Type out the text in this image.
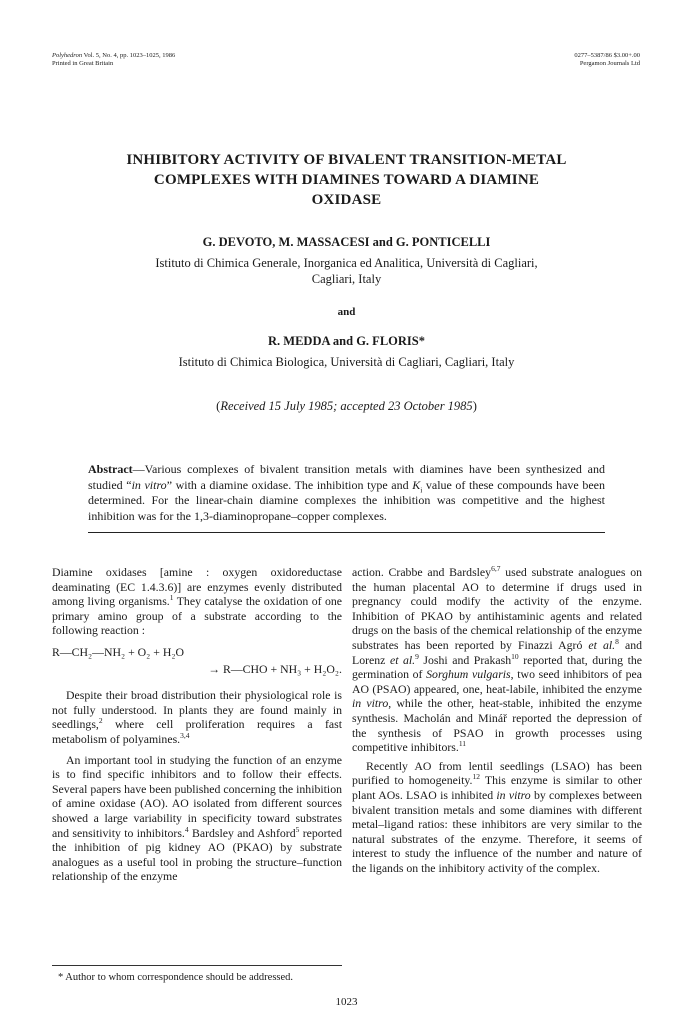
Polyhedron Vol. 5, No. 4, pp. 1023–1025, 1986
Printed in Great Britain
0277–5387/86 $3.00+.00
Pergamon Journals Ltd
INHIBITORY ACTIVITY OF BIVALENT TRANSITION-METAL
COMPLEXES WITH DIAMINES TOWARD A DIAMINE
OXIDASE
G. DEVOTO, M. MASSACESI and G. PONTICELLI
Istituto di Chimica Generale, Inorganica ed Analitica, Università di Cagliari,
Cagliari, Italy
and
R. MEDDA and G. FLORIS*
Istituto di Chimica Biologica, Università di Cagliari, Cagliari, Italy
(Received 15 July 1985; accepted 23 October 1985)
Abstract—Various complexes of bivalent transition metals with diamines have been synthesized and studied “in vitro” with a diamine oxidase. The inhibition type and $K_i$ value of these compounds have been determined. For the linear-chain diamine complexes the inhibition was competitive and the highest inhibition was for the 1,3-diaminopropane–copper complexes.

Diamine oxidases [amine : oxygen oxidoreductase deaminating (EC 1.4.3.6)] are enzymes evenly distributed among living organisms.$^1$ They catalyse the oxidation of one primary amino group of a substrate according to the following reaction :

R—CH₂—NH₂ + O₂ + H₂O
→ R—CHO + NH₃ + H₂O₂.

Despite their broad distribution their physiological role is not fully understood. In plants they are found mainly in seedlings,$^2$ where cell proliferation requires a fast metabolism of polyamines.$^{3,4}$

An important tool in studying the function of an enzyme is to find specific inhibitors and to follow their effects. Several papers have been published concerning the inhibition of amine oxidase (AO). AO isolated from different sources showed a large variability in specificity toward substrates and sensitivity to inhibitors.$^4$ Bardsley and Ashford$^5$ reported the inhibition of pig kidney AO (PKAO) by substrate analogues as a useful tool in probing the structure–function relationship of the enzyme

action. Crabbe and Bardsley$^{6,7}$ used substrate analogues on the human placental AO to determine if drugs used in pregnancy could modify the activity of the enzyme. Inhibition of PKAO by antihistaminic agents and related drugs on the basis of the chemical relationship of the enzyme substrates has been reported by Finazzi Agró et al.$^8$ and Lorenz et al.$^9$ Joshi and Prakash$^{10}$ reported that, during the germination of Sorghum vulgaris, two seed inhibitors of pea AO (PSAO) appeared, one, heat-labile, inhibited the enzyme in vitro, while the other, heat-stable, inhibited the enzyme synthesis. Macholán and Minář reported the depression of the synthesis of PSAO in growth processes using competitive inhibitors.$^{11}$

Recently AO from lentil seedlings (LSAO) has been purified to homogeneity.$^{12}$ This enzyme is similar to other plant AOs. LSAO is inhibited in vitro by complexes between bivalent transition metals and some diamines with different metal–ligand ratios: these inhibitors are very similar to the natural substrates of the enzyme. Therefore, it seems of interest to study the influence of the number and nature of the ligands on the inhibitory activity of the complex.

* Author to whom correspondence should be addressed.
1023
